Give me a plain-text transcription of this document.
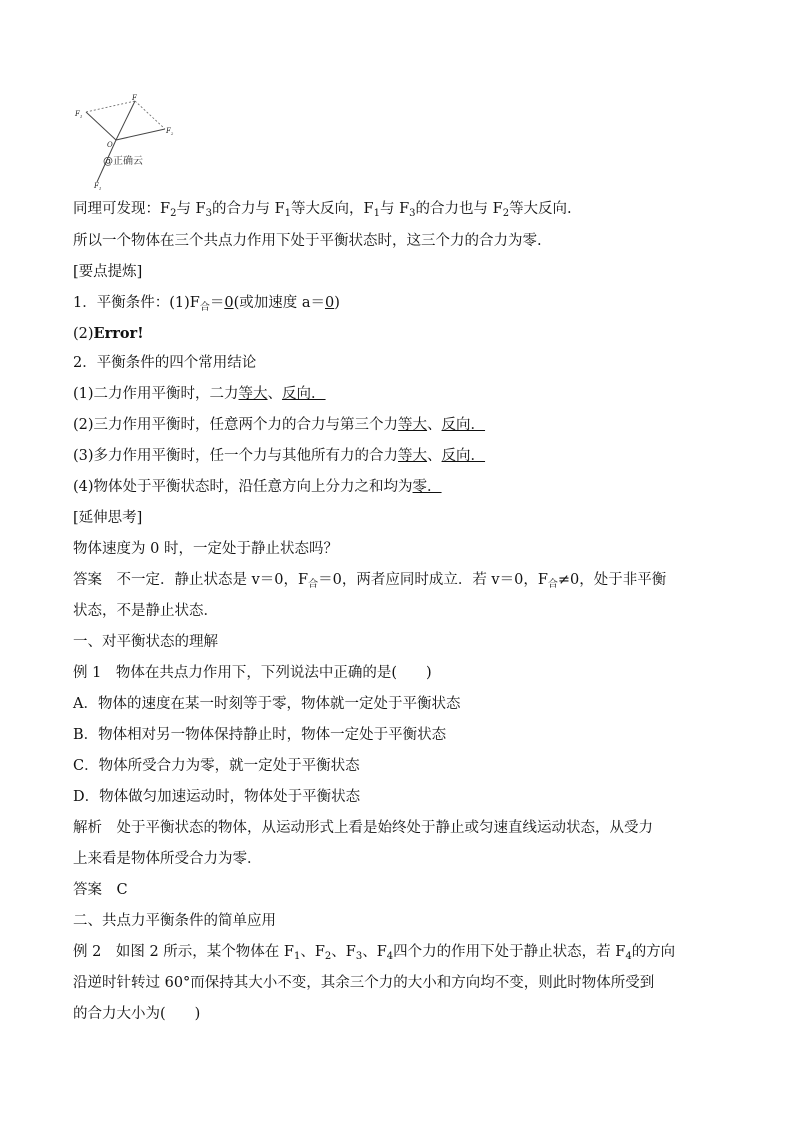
F
$F_1$
$F_2$
O
$F_1$
@正确云
同理可发现：$F_2$与 $F_3$的合力与 $F_1$等大反向，$F_1$与 $F_3$的合力也与 $F_2$等大反向.
所以一个物体在三个共点力作用下处于平衡状态时，这三个力的合力为零.
[要点提炼]
1．平衡条件：$(1)F_合=0$(或加速度 a＝0)
(2)Error!
2．平衡条件的四个常用结论
(1)二力作用平衡时，二力等大、反向．
(2)三力作用平衡时，任意两个力的合力与第三个力等大、反向．
(3)多力作用平衡时，任一个力与其他所有力的合力等大、反向．
(4)物体处于平衡状态时，沿任意方向上分力之和均为零．
[延伸思考]
物体速度为 0 时，一定处于静止状态吗？
答案　不一定．静止状态是 v＝0，$F_合=0$，两者应同时成立．若 v＝0，$F_合\ne 0$，处于非平衡
状态，不是静止状态．
一、对平衡状态的理解
例 1　物体在共点力作用下，下列说法中正确的是(　　)
A．物体的速度在某一时刻等于零，物体就一定处于平衡状态
B．物体相对另一物体保持静止时，物体一定处于平衡状态
C．物体所受合力为零，就一定处于平衡状态
D．物体做匀加速运动时，物体处于平衡状态
解析　处于平衡状态的物体，从运动形式上看是始终处于静止或匀速直线运动状态，从受力
上来看是物体所受合力为零．
答案　C
二、共点力平衡条件的简单应用
例 2　如图 2 所示，某个物体在 $F_1$、$F_2$、$F_3$、$F_4$四个力的作用下处于静止状态，若 $F_4$的方向
沿逆时针转过 60°而保持其大小不变，其余三个力的大小和方向均不变，则此时物体所受到
的合力大小为(　　)
